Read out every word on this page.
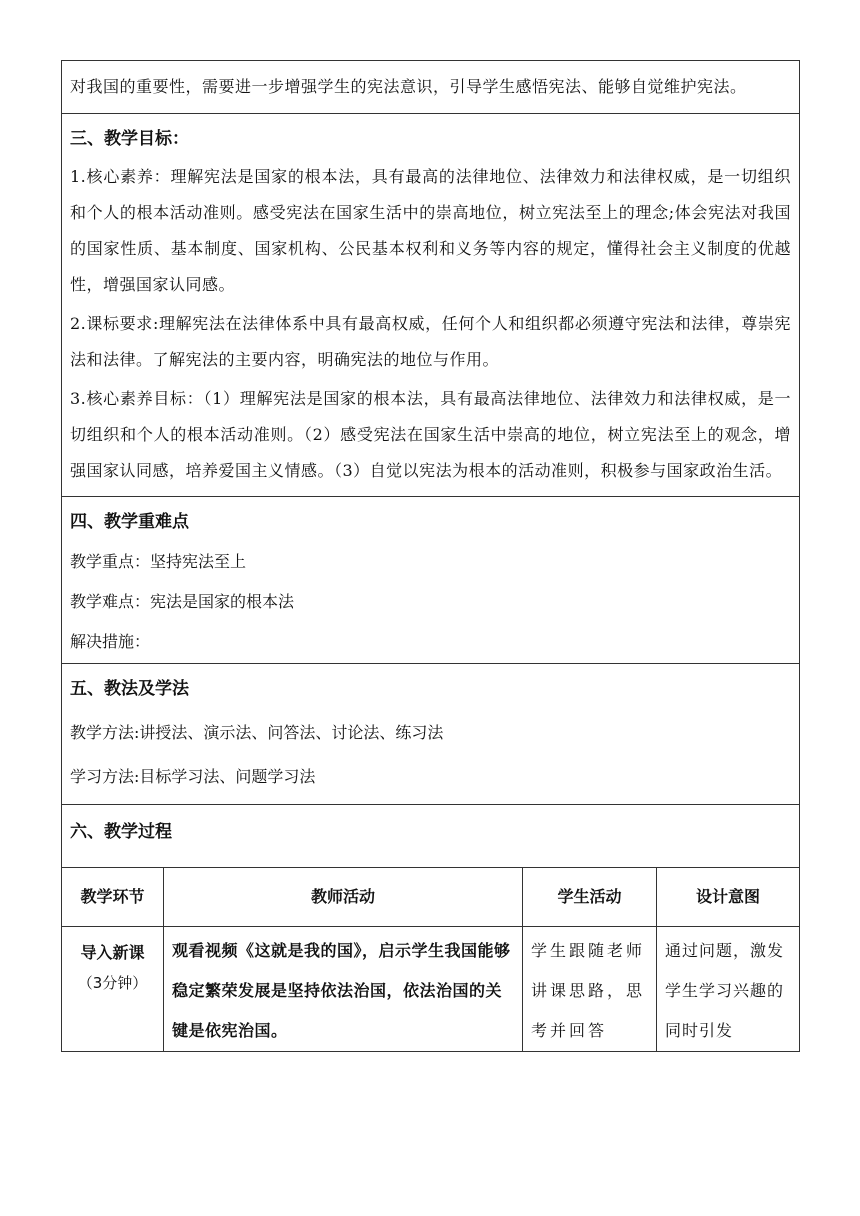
对我国的重要性，需要进一步增强学生的宪法意识，引导学生感悟宪法、能够自觉维护宪法。			

三、教学目标：
1.核心素养：理解宪法是国家的根本法，具有最高的法律地位、法律效力和法律权威，是一切组织和个人的根本活动准则。感受宪法在国家生活中的崇高地位，树立宪法至上的理念;体会宪法对我国的国家性质、基本制度、国家机构、公民基本权利和义务等内容的规定，懂得社会主义制度的优越性，增强国家认同感。
2.课标要求:理解宪法在法律体系中具有最高权威，任何个人和组织都必须遵守宪法和法律，尊崇宪法和法律。了解宪法的主要内容，明确宪法的地位与作用。
3.核心素养目标：（1）理解宪法是国家的根本法，具有最高法律地位、法律效力和法律权威，是一切组织和个人的根本活动准则。（2）感受宪法在国家生活中崇高的地位，树立宪法至上的观念，增强国家认同感，培养爱国主义情感。（3）自觉以宪法为根本的活动准则，积极参与国家政治生活。			

四、教学重难点
教学重点：坚持宪法至上
教学难点：宪法是国家的根本法
解决措施：			

五、教法及学法
教学方法:讲授法、演示法、问答法、讨论法、练习法
学习方法:目标学习法、问题学习法			

六、教学过程			

教学环节	教师活动	学生活动	设计意图

导入新课
（3分钟）	观看视频《这就是我的国》，启示学生我国能够稳定繁荣发展是坚持依法治国，依法治国的关键是依宪治国。	学生跟随老师讲课思路，思考并回答	通过问题，激发学生学习兴趣的同时引发
